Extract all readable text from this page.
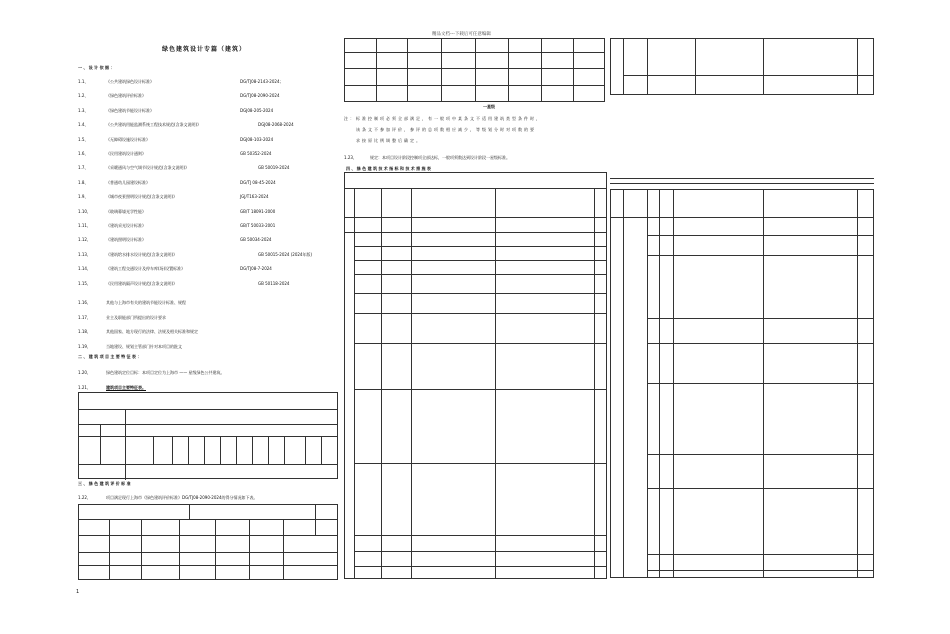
精品文档---下载后可任意编辑
绿色建筑设计专篇（建筑）
一 、 设 计 依 据 ：
1.1、	《公共建筑绿色设计标准》	DG/TJ08-2143-2024；
1.2、	《绿色建筑评价标准》	DG/TJ08-2090-2024
1.3、	《绿色建筑节能设计标准》	DGJ08-205-2024
1.4、	《公共建筑用能监测系统工程技术规范(含条文说明)》	DGJ08-2068-2024
1.5、	《无障碍设施设计标准》	DGJ08-103-2024
1.6、	《民用建筑设计通则》	GB 50352-2024
1.7、	《采暖通风与空气调节设计规范(含条文说明)》	GB 50019-2024
1.8、	《普通幼儿园建设标准》	DG/TJ 08-45-2024
1.9、	《城市夜景照明设计规范(含条文说明)》	JGJ/T163-2024
1.10、	《玻璃幕墙光学性能》	GB/T 18091-2000
1.11、	《建筑采光设计标准》	GB/T 50033-2001
1.12、	《建筑照明设计标准》	GB 50034-2024
1.13、	《建筑给水排水设计规范(含条文说明)》	GB 50015-2024 (2024年版)
1.14、	《建筑工程交通设计及停车库(场)设置标准》	DG/TJ08-7-2024
1.15、	《民用建筑隔声设计规范(含条文说明)》	GB 50118-2024
1.16、	其他与上海市有关的建筑节能设计标准、规程
1.17、	业主及职能部门所提出的设计要求
1.18、	其他国家、地方现行的法律、法规及相关标准和规定
1.19、	当地建设、规划主管部门针对本项目的批文
二 、 建 筑 项 目 主 要 特 征 表 ：
1.20、	绿色建筑定位目标：本项目定位为上海市 —— 星级绿色公共建筑。
1.21、	建筑项目主要特征表。
三 、 绿 色 建 筑 评 价 标 准
1.22、	项目满足现行上海市《绿色建筑评价标准》DG/TJ08-2090-2024的得分情况如下表。
1
一星级
注：标准控制项必须全部满足，有一般项中某条文不适用建筑类型条件时，
该条文不参加评价，参评的总项数相应减少，等级划分时对项数的要
求按原比例调整后确定。
1.23、	规定：本项目设计阶段控制项全部达标，一般项须数达到设计阶段一星级标准。
四 、 绿 色 建 筑 技 术 指 标 和 技 术 措 施 表
